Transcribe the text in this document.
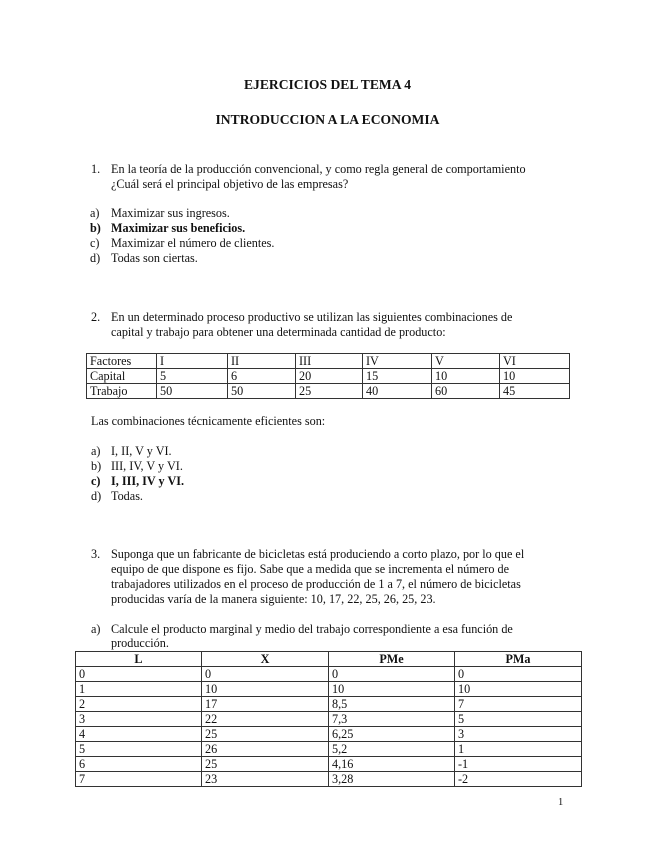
EJERCICIOS DEL TEMA 4
INTRODUCCION A LA ECONOMIA
1. En la teoría de la producción convencional, y como regla general de comportamiento
¿Cuál será el principal objetivo de las empresas?
a) Maximizar sus ingresos.
b) Maximizar sus beneficios.
c) Maximizar el número de clientes.
d) Todas son ciertas.
2. En un determinado proceso productivo se utilizan las siguientes combinaciones de
capital y trabajo para obtener una determinada cantidad de producto:
Factores	I	II	III	IV	V	VI
Capital	5	6	20	15	10	10
Trabajo	50	50	25	40	60	45
Las combinaciones técnicamente eficientes son:
a) I, II, V y VI.
b) III, IV, V y VI.
c) I, III, IV y VI.
d) Todas.
3. Suponga que un fabricante de bicicletas está produciendo a corto plazo, por lo que el
equipo de que dispone es fijo. Sabe que a medida que se incrementa el número de
trabajadores utilizados en el proceso de producción de 1 a 7, el número de bicicletas
producidas varía de la manera siguiente: 10, 17, 22, 25, 26, 25, 23.
a) Calcule el producto marginal y medio del trabajo correspondiente a esa función de
producción.
L	X	PMe	PMa
0	0	0	0
1	10	10	10
2	17	8,5	7
3	22	7,3	5
4	25	6,25	3
5	26	5,2	1
6	25	4,16	-1
7	23	3,28	-2
1
